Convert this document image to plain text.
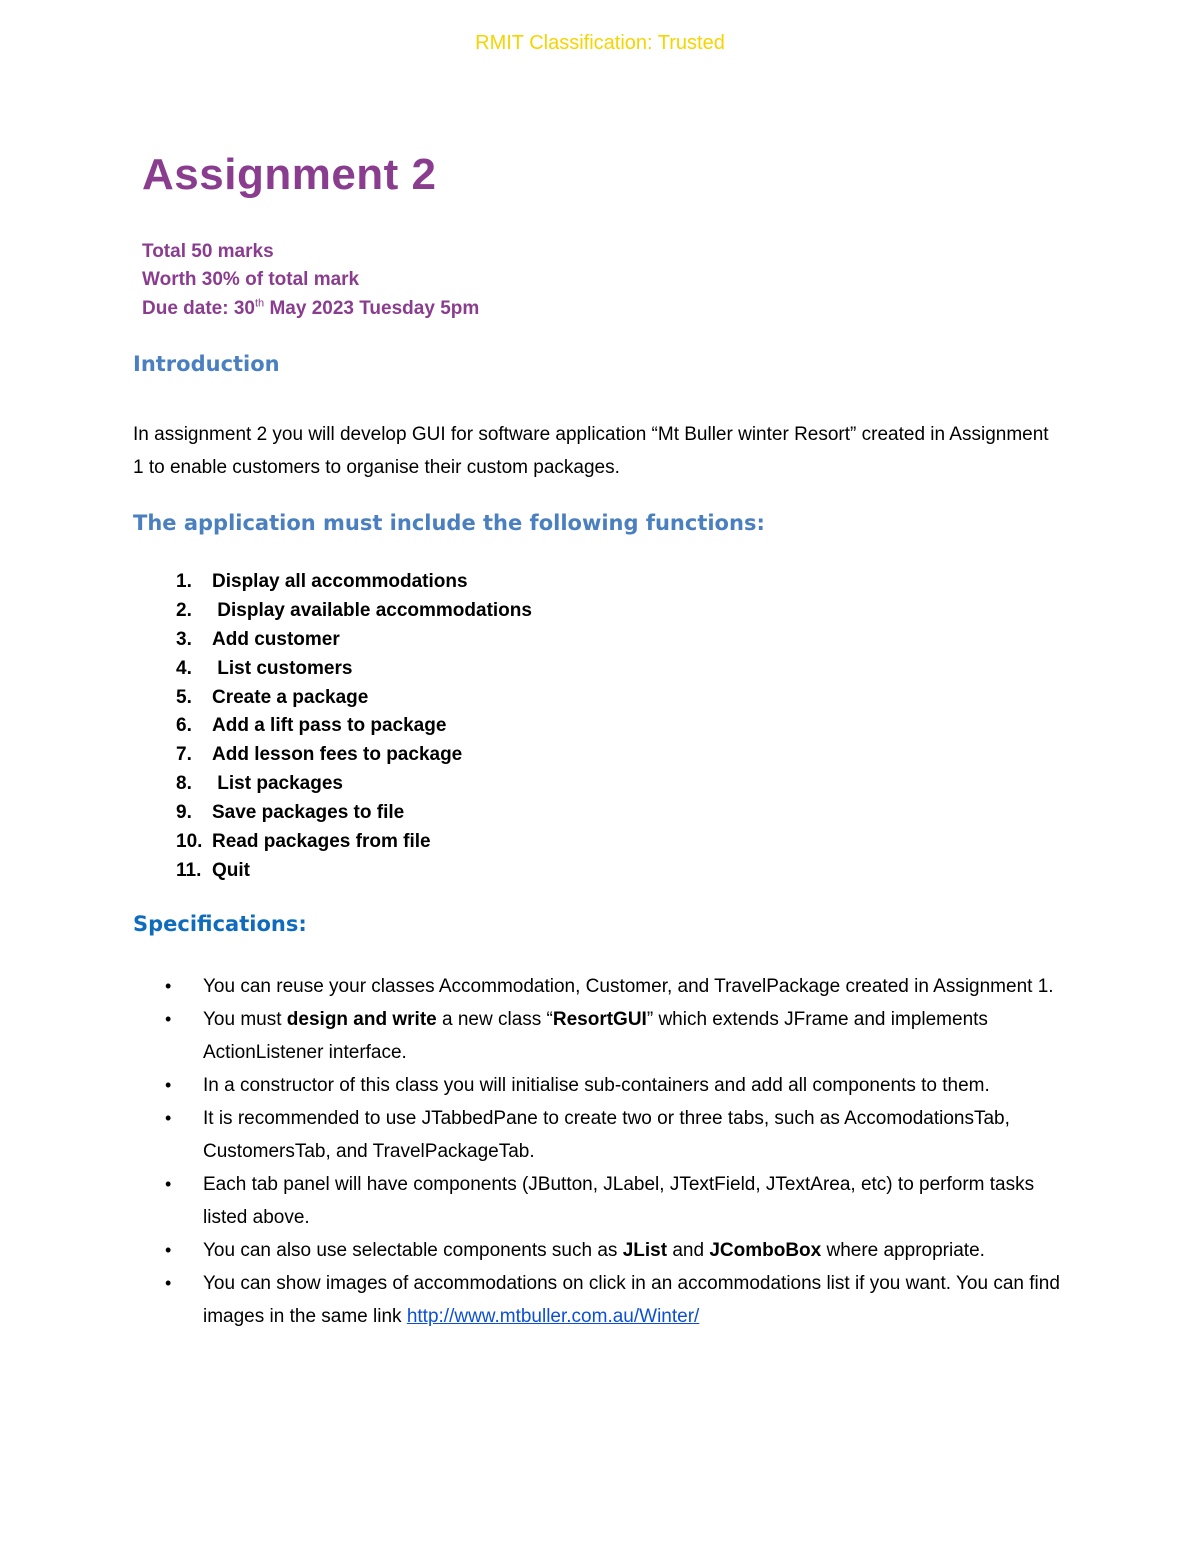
RMIT Classification: Trusted
Assignment 2
Total 50 marks
Worth 30% of total mark
Due date: 30th May 2023 Tuesday 5pm
Introduction
In assignment 2 you will develop GUI for software application “Mt Buller winter Resort” created in Assignment 1 to enable customers to organise their custom packages.
The application must include the following functions:
1. Display all accommodations
2. Display available accommodations
3. Add customer
4. List customers
5. Create a package
6. Add a lift pass to package
7. Add lesson fees to package
8. List packages
9. Save packages to file
10. Read packages from file
11. Quit
Specifications:
• You can reuse your classes Accommodation, Customer, and TravelPackage created in Assignment 1.
• You must design and write a new class “ResortGUI” which extends JFrame and implements ActionListener interface.
• In a constructor of this class you will initialise sub-containers and add all components to them.
• It is recommended to use JTabbedPane to create two or three tabs, such as AccomodationsTab, CustomersTab, and TravelPackageTab.
• Each tab panel will have components (JButton, JLabel, JTextField, JTextArea, etc) to perform tasks listed above.
• You can also use selectable components such as JList and JComboBox where appropriate.
• You can show images of accommodations on click in an accommodations list if you want. You can find images in the same link http://www.mtbuller.com.au/Winter/
